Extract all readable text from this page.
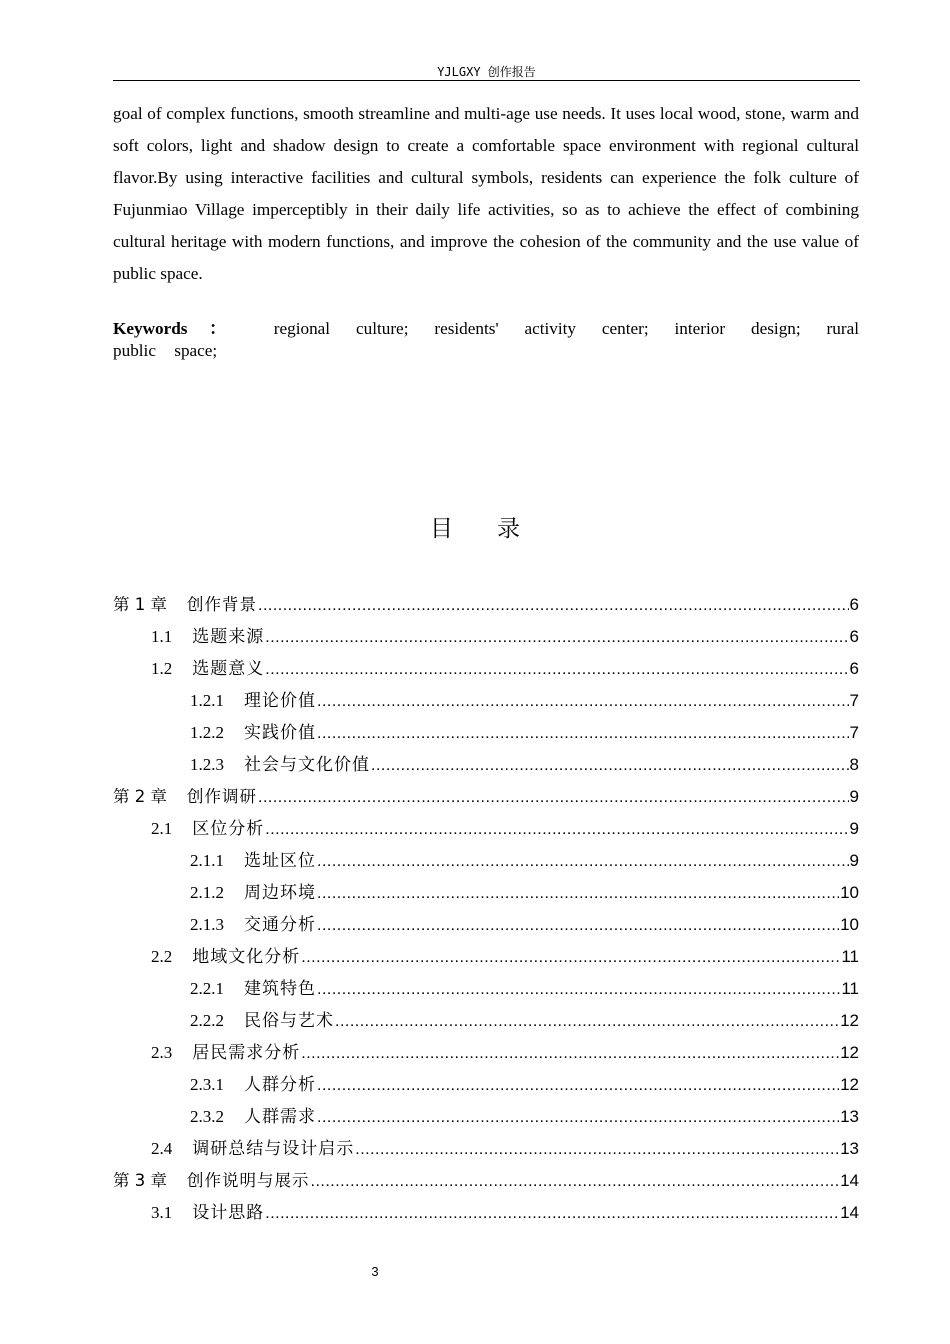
YJLGXY 创作报告

goal of complex functions, smooth streamline and multi-age use needs. It uses local wood, stone, warm and soft colors, light and shadow design to create a comfortable space environment with regional cultural flavor.By using interactive facilities and cultural symbols, residents can experience the folk culture of Fujunmiao Village imperceptibly in their daily life activities, so as to achieve the effect of combining cultural heritage with modern functions, and improve the cohesion of the community and the use value of public space.

Keywords： regional culture; residents' activity center; interior design; rural

public space;

目录
第 1 章 创作背景 .....	6
1.1 选题来源 .....	6
1.2 选题意义 .....	6
1.2.1 理论价值 .....	7
1.2.2 实践价值 .....	7
1.2.3 社会与文化价值 .....	8
第 2 章 创作调研 .....	9
2.1 区位分析 .....	9
2.1.1 选址区位 .....	9
2.1.2 周边环境 .....	10
2.1.3 交通分析 .....	10
2.2 地域文化分析 .....	11
2.2.1 建筑特色 .....	11
2.2.2 民俗与艺术 .....	12
2.3 居民需求分析 .....	12
2.3.1 人群分析 .....	12
2.3.2 人群需求 .....	13
2.4 调研总结与设计启示 .....	13
第 3 章 创作说明与展示 .....	14
3.1 设计思路 .....	14
3
